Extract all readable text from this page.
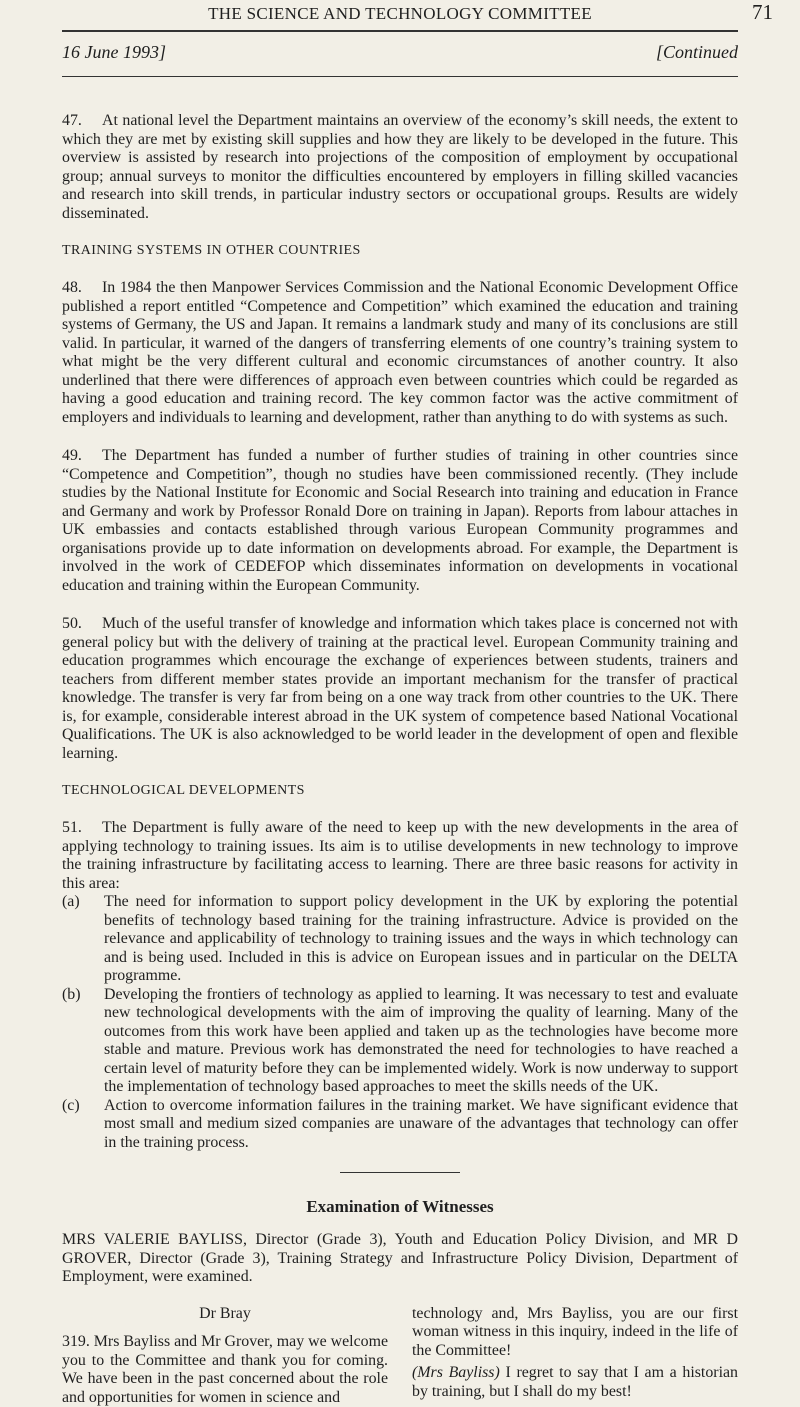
THE SCIENCE AND TECHNOLOGY COMMITTEE	71
16 June 1993]	[Continued

47. At national level the Department maintains an overview of the economy’s skill needs, the extent to which they are met by existing skill supplies and how they are likely to be developed in the future. This overview is assisted by research into projections of the composition of employment by occupational group; annual surveys to monitor the difficulties encountered by employers in filling skilled vacancies and research into skill trends, in particular industry sectors or occupational groups. Results are widely disseminated.

TRAINING SYSTEMS IN OTHER COUNTRIES

48. In 1984 the then Manpower Services Commission and the National Economic Development Office published a report entitled “Competence and Competition” which examined the education and training systems of Germany, the US and Japan. It remains a landmark study and many of its conclusions are still valid. In particular, it warned of the dangers of transferring elements of one country’s training system to what might be the very different cultural and economic circumstances of another country. It also underlined that there were differences of approach even between countries which could be regarded as having a good education and training record. The key common factor was the active commitment of employers and individuals to learning and development, rather than anything to do with systems as such.

49. The Department has funded a number of further studies of training in other countries since “Competence and Competition”, though no studies have been commissioned recently. (They include studies by the National Institute for Economic and Social Research into training and education in France and Germany and work by Professor Ronald Dore on training in Japan). Reports from labour attaches in UK embassies and contacts established through various European Community programmes and organisations provide up to date information on developments abroad. For example, the Department is involved in the work of CEDEFOP which disseminates information on developments in vocational education and training within the European Community.

50. Much of the useful transfer of knowledge and information which takes place is concerned not with general policy but with the delivery of training at the practical level. European Community training and education programmes which encourage the exchange of experiences between students, trainers and teachers from different member states provide an important mechanism for the transfer of practical knowledge. The transfer is very far from being on a one way track from other countries to the UK. There is, for example, considerable interest abroad in the UK system of competence based National Vocational Qualifications. The UK is also acknowledged to be world leader in the development of open and flexible learning.

TECHNOLOGICAL DEVELOPMENTS

51. The Department is fully aware of the need to keep up with the new developments in the area of applying technology to training issues. Its aim is to utilise developments in new technology to improve the training infrastructure by facilitating access to learning. There are three basic reasons for activity in this area:

(a)	The need for information to support policy development in the UK by exploring the potential benefits of technology based training for the training infrastructure. Advice is provided on the relevance and applicability of technology to training issues and the ways in which technology can and is being used. Included in this is advice on European issues and in particular on the DELTA programme.
(b)	Developing the frontiers of technology as applied to learning. It was necessary to test and evaluate new technological developments with the aim of improving the quality of learning. Many of the outcomes from this work have been applied and taken up as the technologies have become more stable and mature. Previous work has demonstrated the need for technologies to have reached a certain level of maturity before they can be implemented widely. Work is now underway to support the implementation of technology based approaches to meet the skills needs of the UK.
(c)	Action to overcome information failures in the training market. We have significant evidence that most small and medium sized companies are unaware of the advantages that technology can offer in the training process.
Examination of Witnesses

MRS VALERIE BAYLISS, Director (Grade 3), Youth and Education Policy Division, and MR D GROVER, Director (Grade 3), Training Strategy and Infrastructure Policy Division, Department of Employment, were examined.

Dr Bray

319. Mrs Bayliss and Mr Grover, may we welcome you to the Committee and thank you for coming. We have been in the past concerned about the role and opportunities for women in science and

technology and, Mrs Bayliss, you are our first woman witness in this inquiry, indeed in the life of the Committee!

(Mrs Bayliss) I regret to say that I am a historian by training, but I shall do my best!
